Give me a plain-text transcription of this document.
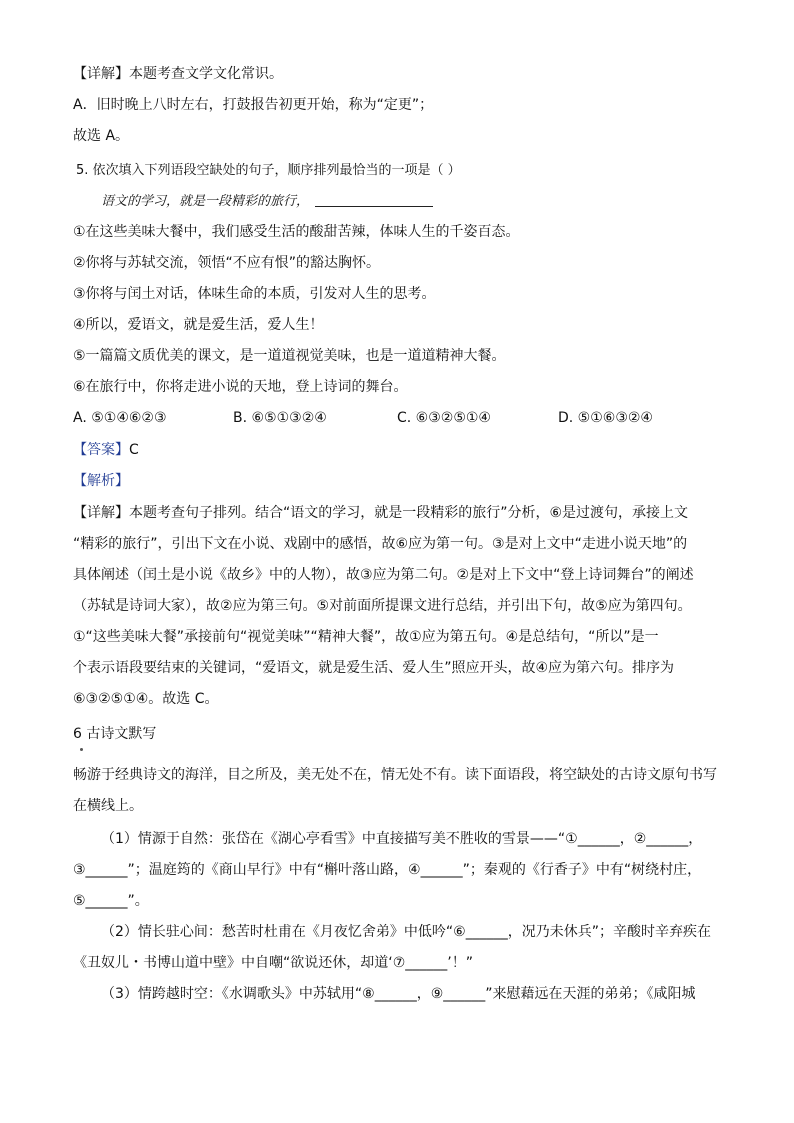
【详解】本题考查文学文化常识。
A．旧时晚上八时左右，打鼓报告初更开始，称为“定更”；
故选 A。
5. 依次填入下列语段空缺处的句子，顺序排列最恰当的一项是（ ）
语文的学习，就是一段精彩的旅行，
①在这些美味大餐中，我们感受生活的酸甜苦辣，体味人生的千姿百态。
②你将与苏轼交流，领悟“不应有恨”的豁达胸怀。
③你将与闰土对话，体味生命的本质，引发对人生的思考。
④所以，爱语文，就是爱生活，爱人生！
⑤一篇篇文质优美的课文，是一道道视觉美味，也是一道道精神大餐。
⑥在旅行中，你将走进小说的天地，登上诗词的舞台。
A. ⑤①④⑥②③	B. ⑥⑤①③②④	C. ⑥③②⑤①④	D. ⑤①⑥③②④
【答案】C
【解析】
【详解】本题考查句子排列。结合“语文的学习，就是一段精彩的旅行”分析，⑥是过渡句，承接上文
“精彩的旅行”，引出下文在小说、戏剧中的感悟，故⑥应为第一句。③是对上文中“走进小说天地”的
具体阐述（闰土是小说《故乡》中的人物），故③应为第二句。②是对上下文中“登上诗词舞台”的阐述
（苏轼是诗词大家），故②应为第三句。⑤对前面所提课文进行总结，并引出下句，故⑤应为第四句。
①“这些美味大餐”承接前句“视觉美味”“精神大餐”，故①应为第五句。④是总结句，“所以”是一
个表示语段要结束的关键词，“爱语文，就是爱生活、爱人生”照应开头，故④应为第六句。排序为
⑥③②⑤①④。故选 C。
6 古诗文默写
畅游于经典诗文的海洋，目之所及，美无处不在，情无处不有。读下面语段，将空缺处的古诗文原句书写
在横线上。
（1）情源于自然：张岱在《湖心亭看雪》中直接描写美不胜收的雪景——“①______，②______，
③______”；温庭筠的《商山早行》中有“槲叶落山路，④______”；秦观的《行香子》中有“树绕村庄，
⑤______”。
（2）情长驻心间：愁苦时杜甫在《月夜忆舍弟》中低吟“⑥______，况乃未休兵”；辛酸时辛弃疾在
《丑奴儿・书博山道中壁》中自嘲“欲说还休，却道‘⑦______’！”
（3）情跨越时空：《水调歌头》中苏轼用“⑧______，⑨______”来慰藉远在天涯的弟弟；《咸阳城
